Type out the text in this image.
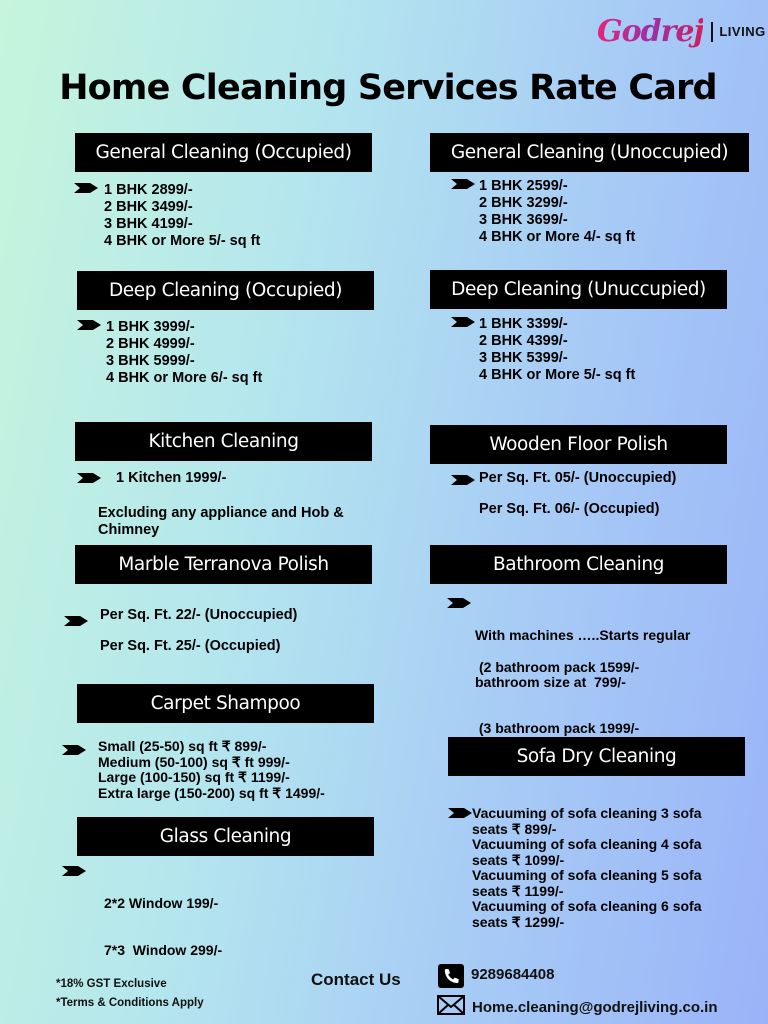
Godrej LIVING
Home Cleaning Services Rate Card
General Cleaning (Occupied)
1 BHK 2899/-
2 BHK 3499/-
3 BHK 4199/-
4 BHK or More 5/- sq ft
General Cleaning (Unoccupied)
1 BHK 2599/-
2 BHK 3299/-
3 BHK 3699/-
4 BHK or More 4/- sq ft
Deep Cleaning (Occupied)
1 BHK 3999/-
2 BHK 4999/-
3 BHK 5999/-
4 BHK or More 6/- sq ft
Deep Cleaning (Unuccupied)
1 BHK 3399/-
2 BHK 4399/-
3 BHK 5399/-
4 BHK or More 5/- sq ft
Kitchen Cleaning
1 Kitchen 1999/-
Excluding any appliance and Hob & Chimney
Wooden Floor Polish
Per Sq. Ft. 05/- (Unoccupied)
Per Sq. Ft. 06/- (Occupied)
Marble Terranova Polish
Per Sq. Ft. 22/- (Unoccupied)
Per Sq. Ft. 25/- (Occupied)
Bathroom Cleaning

With machines …..Starts regular

bathroom size at  799/-

(3 bathroom pack 1999/-

(2 bathroom pack 1599/-
Carpet Shampoo
Small (25-50) sq ft ₹ 899/-
Medium (50-100) sq ₹ ft 999/-
Large (100-150) sq ft ₹ 1199/-
Extra large (150-200) sq ft ₹ 1499/-
Sofa Dry Cleaning
Vacuuming of sofa cleaning 3 sofa
seats ₹ 899/-
Vacuuming of sofa cleaning 4 sofa
seats ₹ 1099/-
Vacuuming of sofa cleaning 5 sofa
seats ₹ 1199/-
Vacuuming of sofa cleaning 6 sofa
seats ₹ 1299/-
Glass Cleaning

2*2 Window 199/-

7*3  Window 299/-

*18% GST Exclusive
*Terms & Conditions Apply
Contact Us	9289684408
Home.cleaning@godrejliving.co.in
